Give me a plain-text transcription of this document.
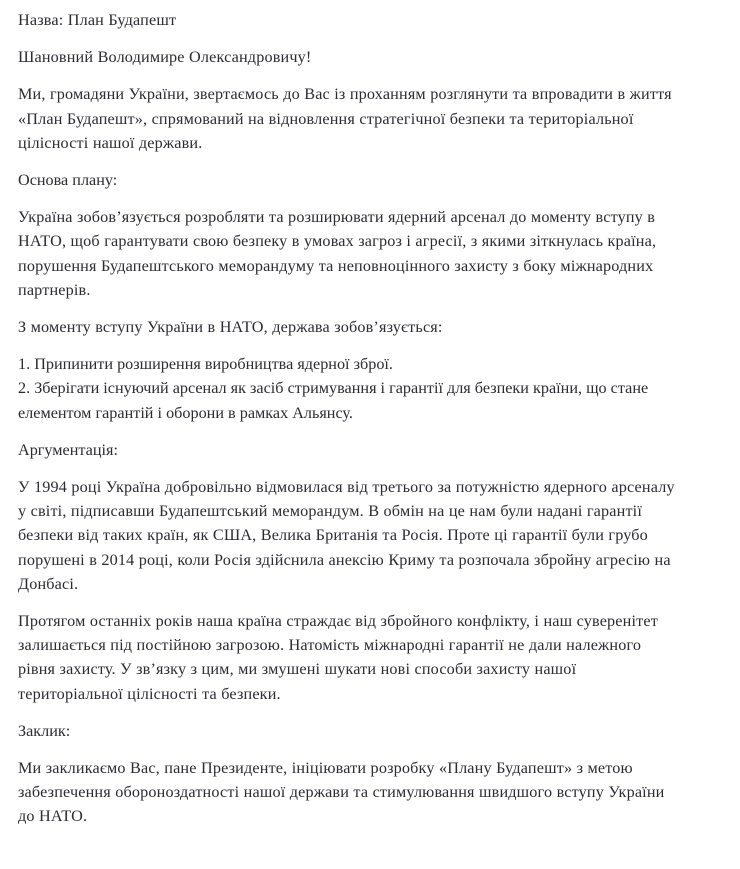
Назва: План Будапешт

Шановний Володимире Олександровичу!

Ми, громадяни України, звертаємось до Вас із проханням розглянути та впровадити в життя «План Будапешт», спрямований на відновлення стратегічної безпеки та територіальної цілісності нашої держави.

Основа плану:

Україна зобов’язується розробляти та розширювати ядерний арсенал до моменту вступу в НАТО, щоб гарантувати свою безпеку в умовах загроз і агресії, з якими зіткнулась країна, порушення Будапештського меморандуму та неповноцінного захисту з боку міжнародних партнерів.

З моменту вступу України в НАТО, держава зобов’язується:

1. Припинити розширення виробництва ядерної зброї.

2. Зберігати існуючий арсенал як засіб стримування і гарантії для безпеки країни, що стане елементом гарантій і оборони в рамках Альянсу.

Аргументація:

У 1994 році Україна добровільно відмовилася від третього за потужністю ядерного арсеналу у світі, підписавши Будапештський меморандум. В обмін на це нам були надані гарантії безпеки від таких країн, як США, Велика Британія та Росія. Проте ці гарантії були грубо порушені в 2014 році, коли Росія здійснила анексію Криму та розпочала збройну агресію на Донбасі.

Протягом останніх років наша країна страждає від збройного конфлікту, і наш суверенітет залишається під постійною загрозою. Натомість міжнародні гарантії не дали належного рівня захисту. У зв’язку з цим, ми змушені шукати нові способи захисту нашої територіальної цілісності та безпеки.

Заклик:

Ми закликаємо Вас, пане Президенте, ініціювати розробку «Плану Будапешт» з метою забезпечення обороноздатності нашої держави та стимулювання швидшого вступу України до НАТО.
